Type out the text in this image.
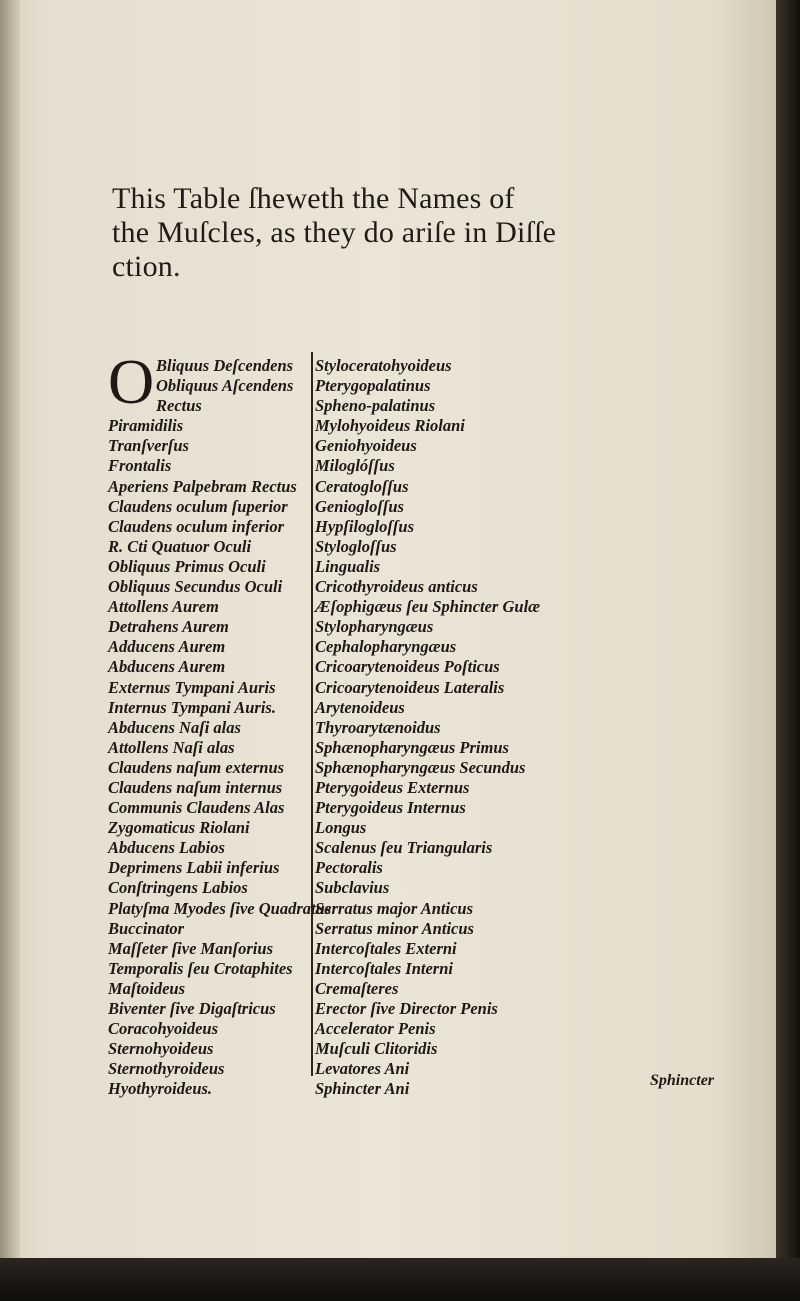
This Table ſheweth the Names of
the Muſcles, as they do ariſe in Diſſe
ction.
O Bliquus Deſcendens
Obliquus Aſcendens
Rectus
Piramidilis
Tranſverſus
Frontalis
Aperiens Palpebram Rectus
Claudens oculum ſuperior
Claudens oculum inferior
R. Cti Quatuor Oculi
Obliquus Primus Oculi
Obliquus Secundus Oculi
Attollens Aurem
Detrahens Aurem
Adducens Aurem
Abducens Aurem
Externus Tympani Auris
Internus Tympani Auris.
Abducens Naſi alas
Attollens Naſi alas
Claudens naſum externus
Claudens naſum internus
Communis Claudens Alas
Zygomaticus Riolani
Abducens Labios
Deprimens Labii inferius
Conſtringens Labios
Platyſma Myodes ſive Quadratus
Buccinator
Maſſeter ſive Manſorius
Temporalis ſeu Crotaphites
Maſtoideus
Biventer ſive Digaſtricus
Coracohyoideus
Sternohyoideus
Sternothyroideus
Hyothyroideus.
Styloceratohyoideus
Pterygopalatinus
Spheno-palatinus
Mylohyoideus Riolani
Geniohyoideus
Miloglóſſus
Ceratogloſſus
Geniogloſſus
Hypſilogloſſus
Stylogloſſus
Lingualis
Cricothyroideus anticus
Æſophigæus ſeu Sphincter Gulæ
Stylopharyngæus
Cephalopharyngæus
Cricoarytenoideus Poſticus
Cricoarytenoideus Lateralis
Arytenoideus
Thyroarytænoidus
Sphænopharyngæus Primus
Sphænopharyngæus Secundus
Pterygoideus Externus
Pterygoideus Internus
Longus
Scalenus ſeu Triangularis
Pectoralis
Subclavius
Serratus major Anticus
Serratus minor Anticus
Intercoſtales Externi
Intercoſtales Interni
Cremaſteres
Erector ſive Director Penis
Accelerator Penis
Muſculi Clitoridis
Levatores Ani
Sphincter Ani	Sphincter
